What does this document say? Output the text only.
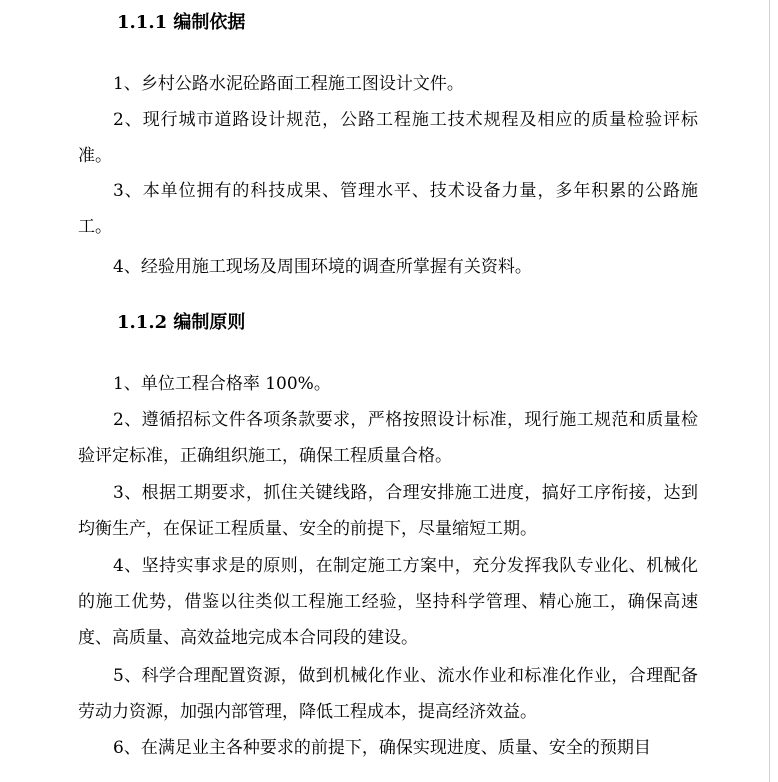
1.1.1 编制依据

1、乡村公路水泥砼路面工程施工图设计文件。

2、现行城市道路设计规范，公路工程施工技术规程及相应的质量检验评标准。

3、本单位拥有的科技成果、管理水平、技术设备力量，多年积累的公路施工。

4、经验用施工现场及周围环境的调查所掌握有关资料。

1.1.2 编制原则

1、单位工程合格率 100%。

2、遵循招标文件各项条款要求，严格按照设计标准，现行施工规范和质量检验评定标准，正确组织施工，确保工程质量合格。

3、根据工期要求，抓住关键线路，合理安排施工进度，搞好工序衔接，达到均衡生产，在保证工程质量、安全的前提下，尽量缩短工期。

4、坚持实事求是的原则，在制定施工方案中，充分发挥我队专业化、机械化的施工优势，借鉴以往类似工程施工经验，坚持科学管理、精心施工，确保高速度、高质量、高效益地完成本合同段的建设。

5、科学合理配置资源，做到机械化作业、流水作业和标准化作业，合理配备劳动力资源，加强内部管理，降低工程成本，提高经济效益。

6、在满足业主各种要求的前提下，确保实现进度、质量、安全的预期目
